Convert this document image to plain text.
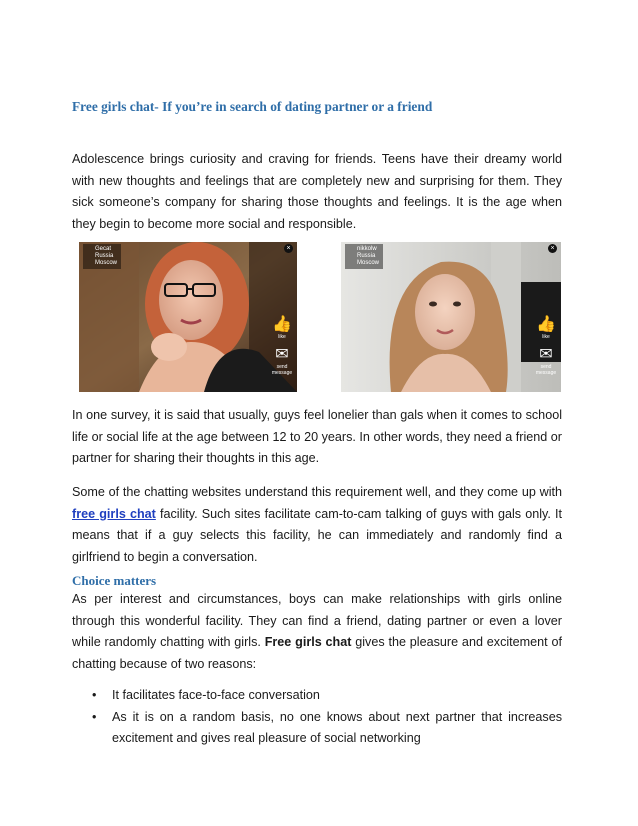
Free girls chat- If you’re in search of dating partner or a friend

Adolescence brings curiosity and craving for friends. Teens have their dreamy world with new thoughts and feelings that are completely new and surprising for them. They sick someone’s company for sharing those thoughts and feelings. It is the age when they begin to become more social and responsible.

In one survey, it is said that usually, guys feel lonelier than gals when it comes to school life or social life at the age between 12 to 20 years. In other words, they need a friend or partner for sharing their thoughts in this age.

Some of the chatting websites understand this requirement well, and they come up with free girls chat facility. Such sites facilitate cam-to-cam talking of guys with gals only. It means that if a guy selects this facility, he can immediately and randomly find a girlfriend to begin a conversation.

Choice matters

As per interest and circumstances, boys can make relationships with girls online through this wonderful facility. They can find a friend, dating partner or even a lover while randomly chatting with girls. Free girls chat gives the pleasure and excitement of chatting because of two reasons:

• It facilitates face-to-face conversation
• As it is on a random basis, no one knows about next partner that increases excitement and gives real pleasure of social networking
Gecat
Russia
Moscow
×
👍
like
✉
send message
nikkolw
Russia
Moscow
×
👍
like
✉
send message
